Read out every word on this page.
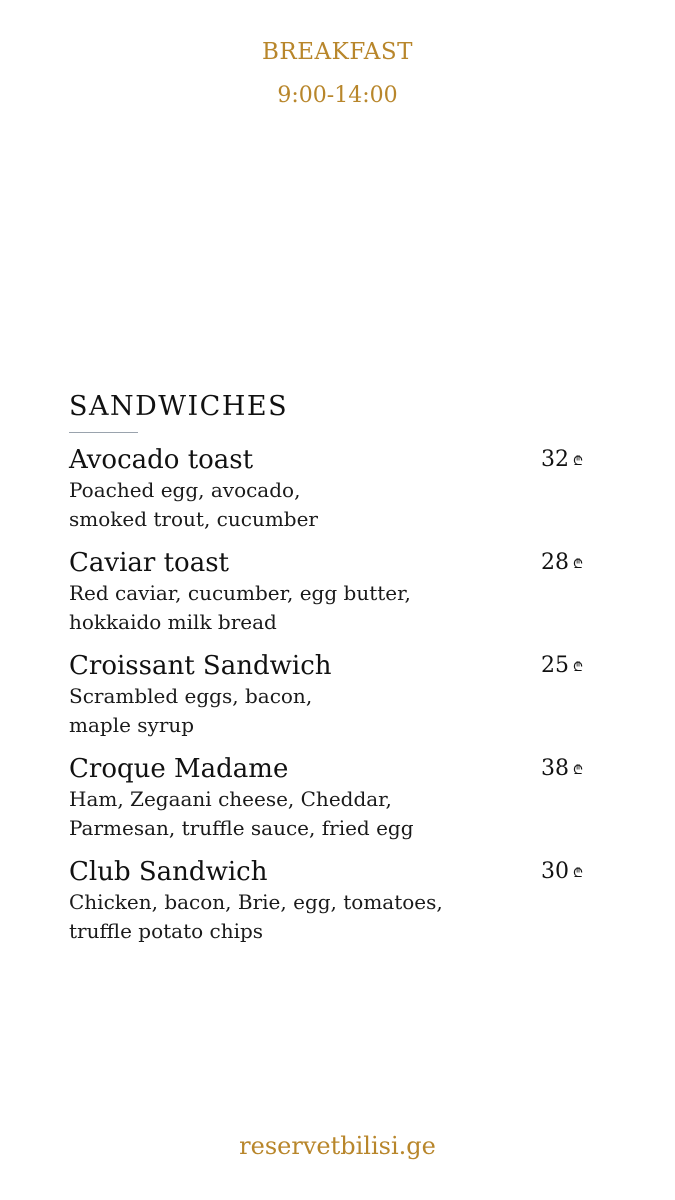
BREAKFAST
9:00-14:00
SANDWICHES
Avocado toast
Poached egg, avocado,
smoked trout, cucumber
32 ₾
Caviar toast
Red caviar, cucumber, egg butter,
hokkaido milk bread
28 ₾
Croissant Sandwich
Scrambled eggs, bacon,
maple syrup
25 ₾
Croque Madame
Ham, Zegaani cheese, Cheddar,
Parmesan, truffle sauce, fried egg
38 ₾
Club Sandwich
Chicken, bacon, Brie, egg, tomatoes,
truffle potato chips
30 ₾
reservetbilisi.ge
